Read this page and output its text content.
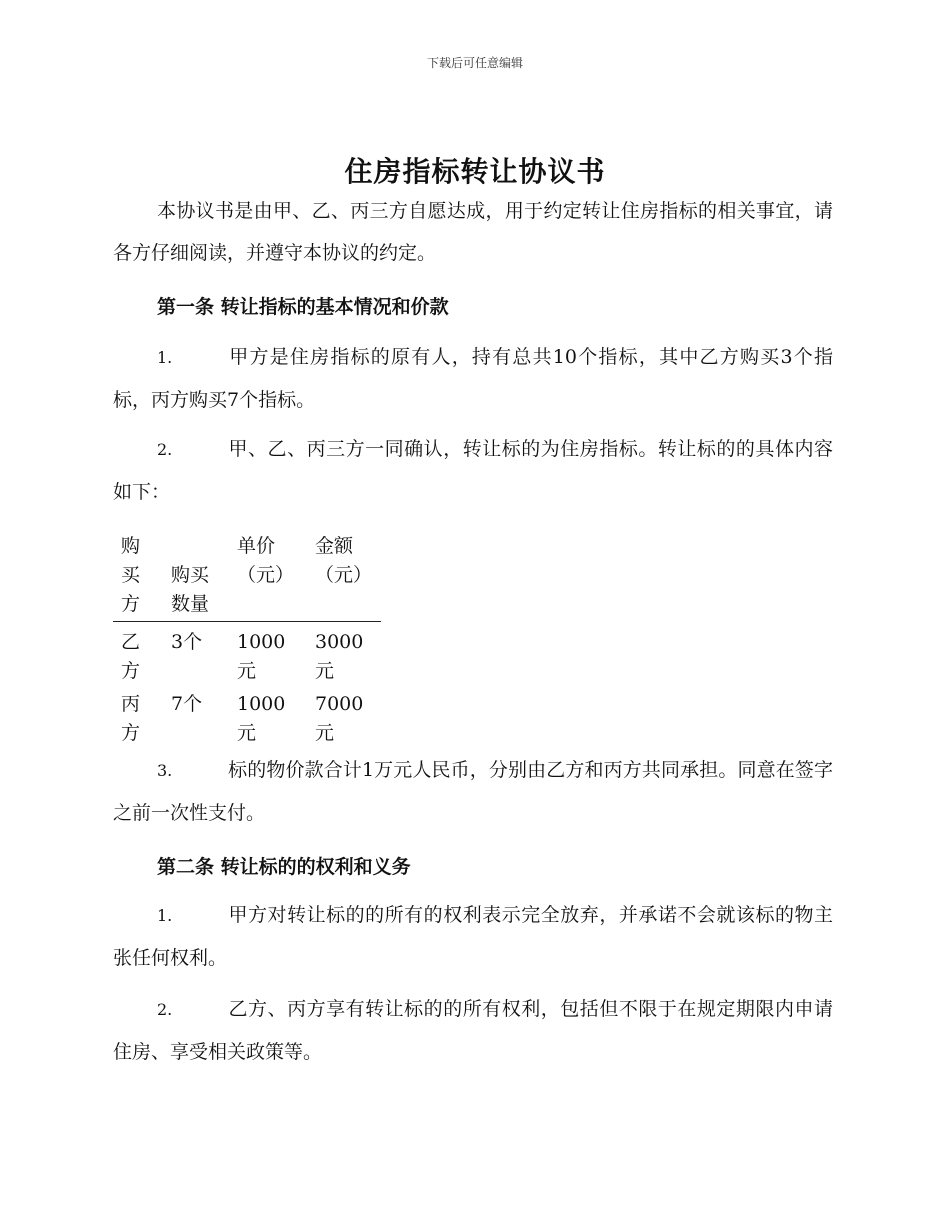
下载后可任意编辑
住房指标转让协议书

本协议书是由甲、乙、丙三方自愿达成，用于约定转让住房指标的相关事宜，请各方仔细阅读，并遵守本协议的约定。

第一条 转让指标的基本情况和价款

1.	甲方是住房指标的原有人，持有总共10个指标，其中乙方购买3个指标，丙方购买7个指标。

2.	甲、乙、丙三方一同确认，转让标的为住房指标。转让标的的具体内容如下：

购买方	购买数量	单价（元）	金额（元）
乙方	3个	1000元	3000元
丙方	7个	1000元	7000元

3.	标的物价款合计1万元人民币，分别由乙方和丙方共同承担。同意在签字之前一次性支付。

第二条 转让标的的权利和义务

1.	甲方对转让标的的所有的权利表示完全放弃，并承诺不会就该标的物主张任何权利。

2.	乙方、丙方享有转让标的的所有权利，包括但不限于在规定期限内申请住房、享受相关政策等。
